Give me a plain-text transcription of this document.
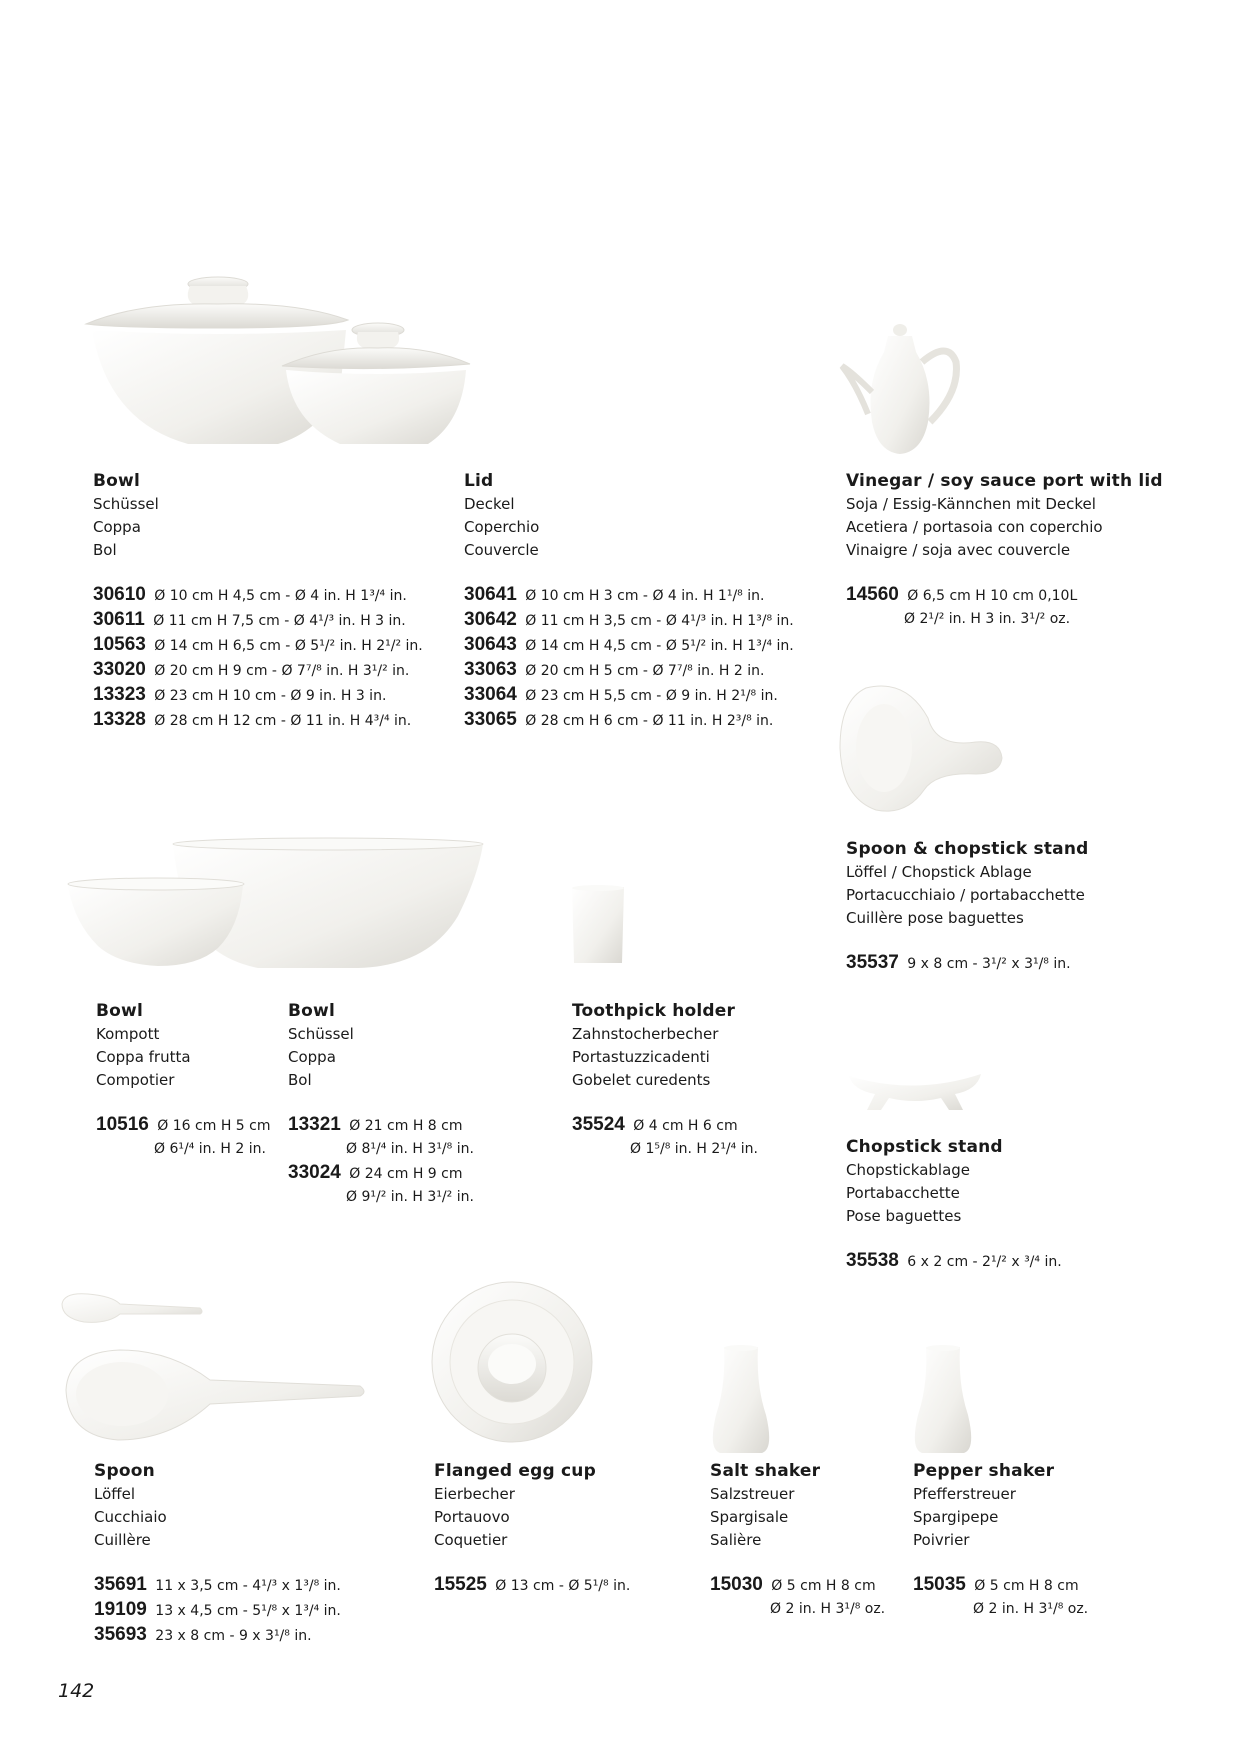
Bowl
Schüssel
Coppa
Bol
30610 Ø 10 cm H 4,5 cm - Ø 4 in. H 1³/⁴ in.
30611 Ø 11 cm H 7,5 cm - Ø 4¹/³ in. H 3 in.
10563 Ø 14 cm H 6,5 cm - Ø 5¹/² in. H 2¹/² in.
33020 Ø 20 cm H 9 cm - Ø 7⁷/⁸ in. H 3¹/² in.
13323 Ø 23 cm H 10 cm - Ø 9 in. H 3 in.
13328 Ø 28 cm H 12 cm - Ø 11 in. H 4³/⁴ in.
Lid
Deckel
Coperchio
Couvercle
30641 Ø 10 cm H 3 cm - Ø 4 in. H 1¹/⁸ in.
30642 Ø 11 cm H 3,5 cm - Ø 4¹/³ in. H 1³/⁸ in.
30643 Ø 14 cm H 4,5 cm - Ø 5¹/² in. H 1³/⁴ in.
33063 Ø 20 cm H 5 cm - Ø 7⁷/⁸ in. H 2 in.
33064 Ø 23 cm H 5,5 cm - Ø 9 in. H 2¹/⁸ in.
33065 Ø 28 cm H 6 cm - Ø 11 in. H 2³/⁸ in.
Vinegar / soy sauce port with lid
Soja / Essig-Kännchen mit Deckel
Acetiera / portasoia con coperchio
Vinaigre / soja avec couvercle
14560 Ø 6,5 cm H 10 cm 0,10L
Ø 2¹/² in. H 3 in. 3¹/² oz.
Spoon & chopstick stand
Löffel / Chopstick Ablage
Portacucchiaio / portabacchette
Cuillère pose baguettes
35537 9 x 8 cm - 3¹/² x 3¹/⁸ in.
Bowl
Kompott
Coppa frutta
Compotier
10516 Ø 16 cm H 5 cm
Ø 6¹/⁴ in. H 2 in.
Bowl
Schüssel
Coppa
Bol
13321 Ø 21 cm H 8 cm
Ø 8¹/⁴ in. H 3¹/⁸ in.
33024 Ø 24 cm H 9 cm
Ø 9¹/² in. H 3¹/² in.
Toothpick holder
Zahnstocherbecher
Portastuzzicadenti
Gobelet curedents
35524 Ø 4 cm H 6 cm
Ø 1⁵/⁸ in. H 2¹/⁴ in.	Chopstick stand
Chopstickablage
Portabacchette
Pose baguettes
35538 6 x 2 cm - 2¹/² x ³/⁴ in.
Spoon
Löffel
Cucchiaio
Cuillère
35691 11 x 3,5 cm - 4¹/³ x 1³/⁸ in.
19109 13 x 4,5 cm - 5¹/⁸ x 1³/⁴ in.
35693 23 x 8 cm - 9 x 3¹/⁸ in.
Flanged egg cup
Eierbecher
Portauovo
Coquetier
15525 Ø 13 cm - Ø 5¹/⁸ in.
Salt shaker
Salzstreuer
Spargisale
Salière
15030 Ø 5 cm H 8 cm
Ø 2 in. H 3¹/⁸ oz.
Pepper shaker
Pfefferstreuer
Spargipepe
Poivrier
15035 Ø 5 cm H 8 cm
Ø 2 in. H 3¹/⁸ oz.
142
